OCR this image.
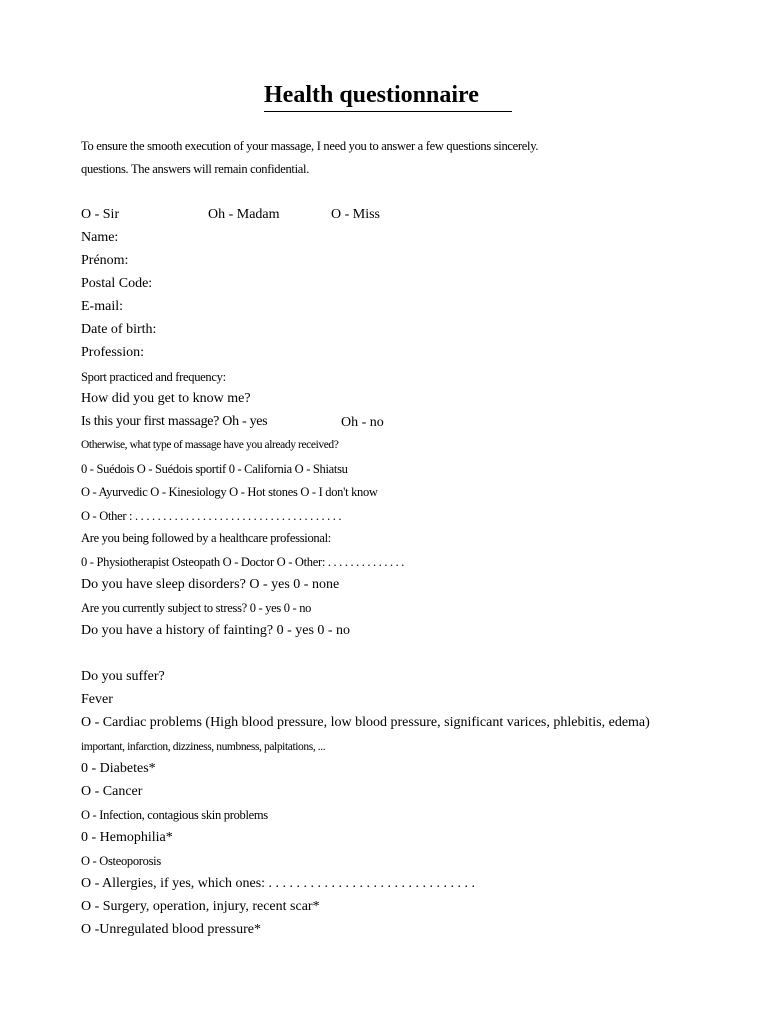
Health questionnaire
To ensure the smooth execution of your massage, I need you to answer a few questions sincerely.
questions. The answers will remain confidential.
O - Sir	Oh - Madam	O - Miss
Name:
Prénom:
Postal Code:
E-mail:
Date of birth:
Profession:
Sport practiced and frequency:
How did you get to know me?
Is this your first massage? Oh - yes	Oh - no
Otherwise, what type of massage have you already received?
0 - Suédois O - Suédois sportif 0 - California O - Shiatsu
O - Ayurvedic O - Kinesiology O - Hot stones O - I don't know
O - Other : . . . . . . . . . . . . . . . . . . . . . . . . . . . . . . . . . . . . .
Are you being followed by a healthcare professional:
0 - Physiotherapist Osteopath O - Doctor O - Other: . . . . . . . . . . . . . .
Do you have sleep disorders? O - yes 0 - none
Are you currently subject to stress? 0 - yes 0 - no
Do you have a history of fainting? 0 - yes 0 - no
Do you suffer?
Fever
O - Cardiac problems (High blood pressure, low blood pressure, significant varices, phlebitis, edema)
important, infarction, dizziness, numbness, palpitations, ...
0 - Diabetes*
O - Cancer
O - Infection, contagious skin problems
0 - Hemophilia*
O - Osteoporosis
O - Allergies, if yes, which ones: . . . . . . . . . . . . . . . . . . . . . . . . . . . . . .
O - Surgery, operation, injury, recent scar*
O -Unregulated blood pressure*
